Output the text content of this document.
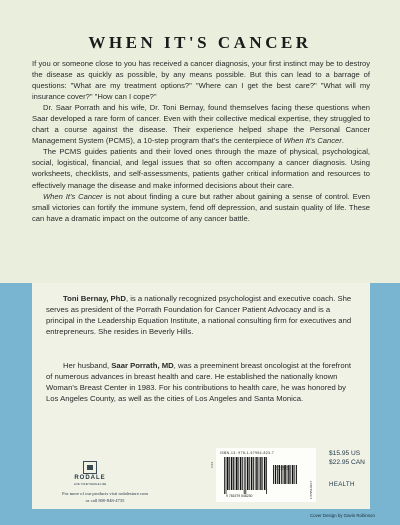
WHEN IT'S CANCER

If you or someone close to you has received a cancer diagnosis, your first instinct may be to destroy the disease as quickly as possible, by any means possible. But this can lead to a barrage of questions: "What are my treatment options?" "Where can I get the best care?" "What will my insurance cover?" "How can I cope?"

Dr. Saar Porrath and his wife, Dr. Toni Bernay, found themselves facing these questions when Saar developed a rare form of cancer. Even with their collective medical expertise, they struggled to chart a course against the disease. Their experience helped shape the Personal Cancer Management System (PCMS), a 10-step program that's the centerpiece of When It's Cancer.

The PCMS guides patients and their loved ones through the maze of physical, psychological, social, logistical, financial, and legal issues that so often accompany a cancer diagnosis. Using worksheets, checklists, and self-assessments, patients gather critical information and resources to effectively manage the disease and make informed decisions about their care.

When It's Cancer is not about finding a cure but rather about gaining a sense of control. Even small victories can fortify the immune system, fend off depression, and sustain quality of life. These can have a dramatic impact on the outcome of any cancer battle.

Toni Bernay, PhD, is a nationally recognized psychologist and executive coach. She serves as president of the Porrath Foundation for Cancer Patient Advocacy and is a principal in the Leadership Equation Institute, a national consulting firm for executives and entrepreneurs. She resides in Beverly Hills.
Her husband, Saar Porrath, MD, was a preeminent breast oncologist at the forefront of numerous advances in breast health and care. He established the nationally known Woman's Breast Center in 1983. For his contributions to health care, he was honored by Los Angeles County, as well as the cities of Los Angeles and Santa Monica.
RODALE
LIVE YOUR WHOLE LIFE
For more of our products visit rodalestore.com
or call 800-848-4735
ISBN-13: 978-1-57954-823-7
51595
9 781579 548230
3 3 6
1-57954-823-7
$15.95 US
$22.95 CAN
HEALTH
Cover Design by Gavin Robinson
